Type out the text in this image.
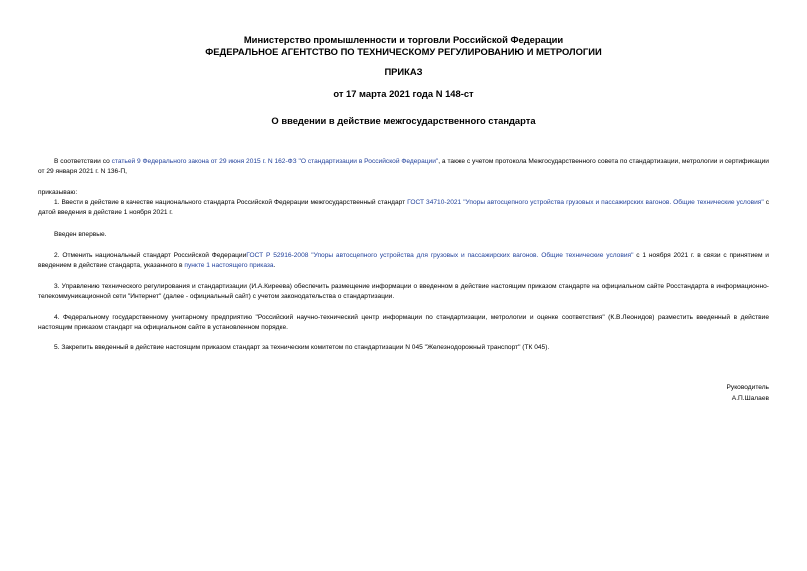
Министерство промышленности и торговли Российской Федерации
ФЕДЕРАЛЬНОЕ АГЕНТСТВО ПО ТЕХНИЧЕСКОМУ РЕГУЛИРОВАНИЮ И МЕТРОЛОГИИ
ПРИКАЗ
от 17 марта 2021 года N 148-ст
О введении в действие межгосударственного стандарта
В соответствии со статьей 9 Федерального закона от 29 июня 2015 г. N 162-ФЗ "О стандартизации в Российской Федерации", а также с учетом протокола Межгосударственного совета по стандартизации, метрологии и сертификации от 29 января 2021 г. N 136-П,
приказываю:
1. Ввести в действие в качестве национального стандарта Российской Федерации межгосударственный стандарт ГОСТ 34710-2021 "Упоры автосцепного устройства грузовых и пассажирских вагонов. Общие технические условия" с датой введения в действие 1 ноября 2021 г.
Введен впервые.
2. Отменить национальный стандарт Российской ФедерацииГОСТ Р 52916-2008 "Упоры автосцепного устройства для грузовых и пассажирских вагонов. Общие технические условия" с 1 ноября 2021 г. в связи с принятием и введением в действие стандарта, указанного в пункте 1 настоящего приказа.
3. Управлению технического регулирования и стандартизации (И.А.Киреева) обеспечить размещение информации о введенном в действие настоящим приказом стандарте на официальном сайте Росстандарта в информационно-телекоммуникационной сети "Интернет" (далее - официальный сайт) с учетом законодательства о стандартизации.
4. Федеральному государственному унитарному предприятию "Российский научно-технический центр информации по стандартизации, метрологии и оценке соответствия" (К.В.Леонидов) разместить введенный в действие настоящим приказом стандарт на официальном сайте в установленном порядке.
5. Закрепить введенный в действие настоящим приказом стандарт за техническим комитетом по стандартизации N 045 "Железнодорожный транспорт" (ТК 045).
Руководитель
А.П.Шалаев
